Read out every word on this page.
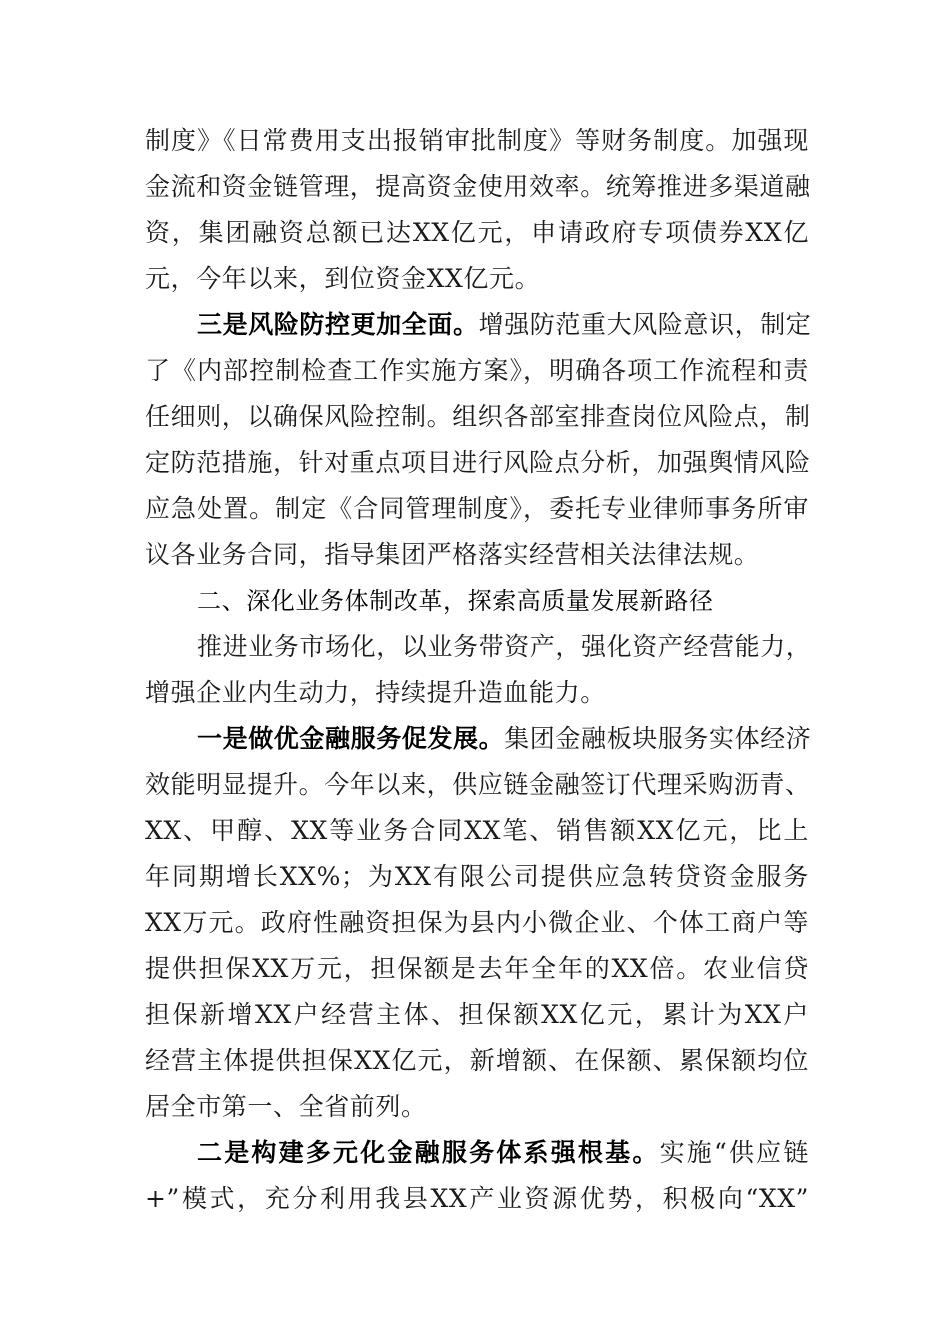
制度》《日常费用支出报销审批制度》等财务制度。加强现
金流和资金链管理，提高资金使用效率。统筹推进多渠道融
资，集团融资总额已达XX亿元，申请政府专项债券XX亿
元，今年以来，到位资金XX亿元。
三是风险防控更加全面。增强防范重大风险意识，制定
了《内部控制检查工作实施方案》，明确各项工作流程和责
任细则，以确保风险控制。组织各部室排查岗位风险点，制
定防范措施，针对重点项目进行风险点分析，加强舆情风险
应急处置。制定《合同管理制度》，委托专业律师事务所审
议各业务合同，指导集团严格落实经营相关法律法规。
二、深化业务体制改革，探索高质量发展新路径
推进业务市场化，以业务带资产，强化资产经营能力，
增强企业内生动力，持续提升造血能力。
一是做优金融服务促发展。集团金融板块服务实体经济
效能明显提升。今年以来，供应链金融签订代理采购沥青、
XX、甲醇、XX等业务合同XX笔、销售额XX亿元，比上
年同期增长XX%；为XX有限公司提供应急转贷资金服务
XX万元。政府性融资担保为县内小微企业、个体工商户等
提供担保XX万元，担保额是去年全年的XX倍。农业信贷
担保新增XX户经营主体、担保额XX亿元，累计为XX户
经营主体提供担保XX亿元，新增额、在保额、累保额均位
居全市第一、全省前列。
二是构建多元化金融服务体系强根基。实施“供应链
+”模式，充分利用我县XX产业资源优势，积极向“XX”
